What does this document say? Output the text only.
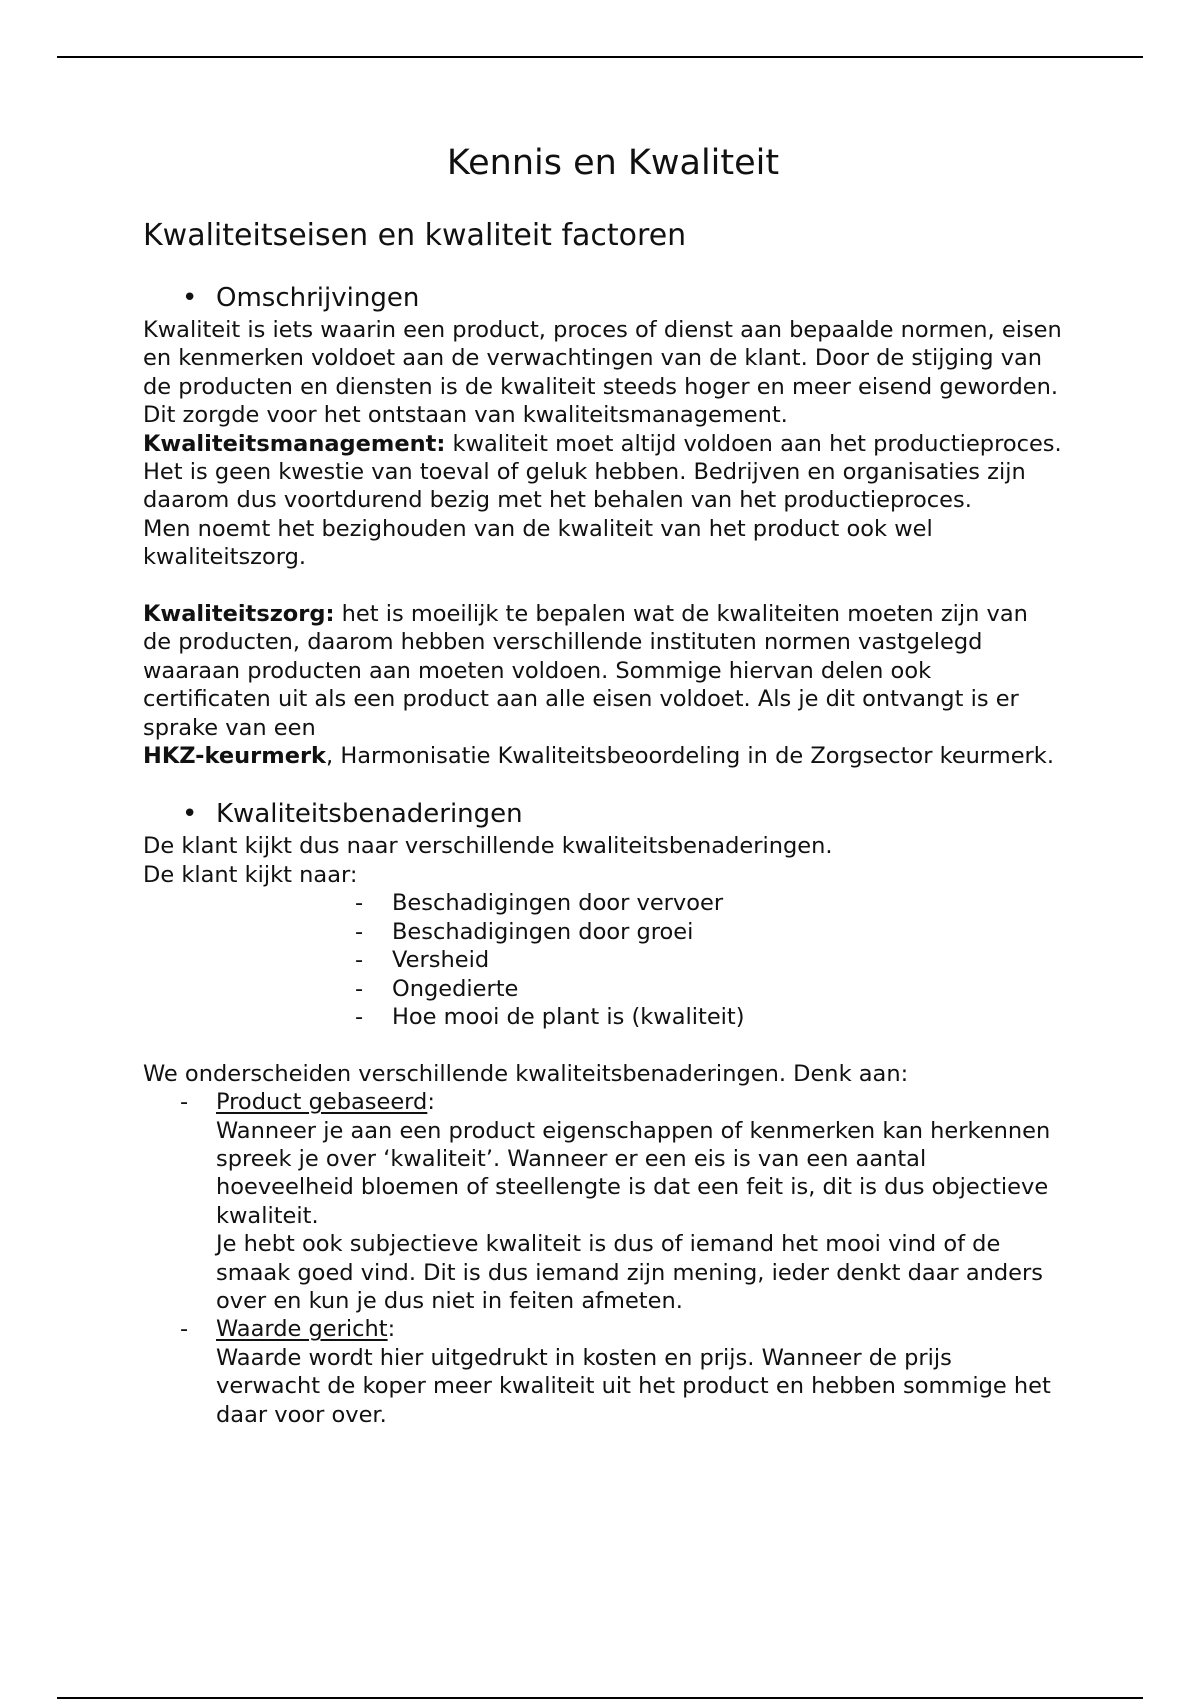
Kennis en Kwaliteit
Kwaliteitseisen en kwaliteit factoren
• Omschrijvingen

Kwaliteit is iets waarin een product, proces of dienst aan bepaalde normen, eisen en kenmerken voldoet aan de verwachtingen van de klant. Door de stijging van de producten en diensten is de kwaliteit steeds hoger en meer eisend geworden. Dit zorgde voor het ontstaan van kwaliteitsmanagement.

Kwaliteitsmanagement: kwaliteit moet altijd voldoen aan het productieproces. Het is geen kwestie van toeval of geluk hebben. Bedrijven en organisaties zijn daarom dus voortdurend bezig met het behalen van het productieproces.

Men noemt het bezighouden van de kwaliteit van het product ook wel kwaliteitszorg.

Kwaliteitszorg: het is moeilijk te bepalen wat de kwaliteiten moeten zijn van de producten, daarom hebben verschillende instituten normen vastgelegd waaraan producten aan moeten voldoen. Sommige hiervan delen ook certificaten uit als een product aan alle eisen voldoet. Als je dit ontvangt is er sprake van een

HKZ-keurmerk, Harmonisatie Kwaliteitsbeoordeling in de Zorgsector keurmerk.

• Kwaliteitsbenaderingen

De klant kijkt dus naar verschillende kwaliteitsbenaderingen.

De klant kijkt naar:

- Beschadigingen door vervoer
- Beschadigingen door groei
- Versheid
- Ongedierte
- Hoe mooi de plant is (kwaliteit)

We onderscheiden verschillende kwaliteitsbenaderingen. Denk aan:

- Product gebaseerd:

Wanneer je aan een product eigenschappen of kenmerken kan herkennen spreek je over ‘kwaliteit’. Wanneer er een eis is van een aantal hoeveelheid bloemen of steellengte is dat een feit is, dit is dus objectieve kwaliteit.

Je hebt ook subjectieve kwaliteit is dus of iemand het mooi vind of de smaak goed vind. Dit is dus iemand zijn mening, ieder denkt daar anders over en kun je dus niet in feiten afmeten.

- Waarde gericht:

Waarde wordt hier uitgedrukt in kosten en prijs. Wanneer de prijs verwacht de koper meer kwaliteit uit het product en hebben sommige het daar voor over.
